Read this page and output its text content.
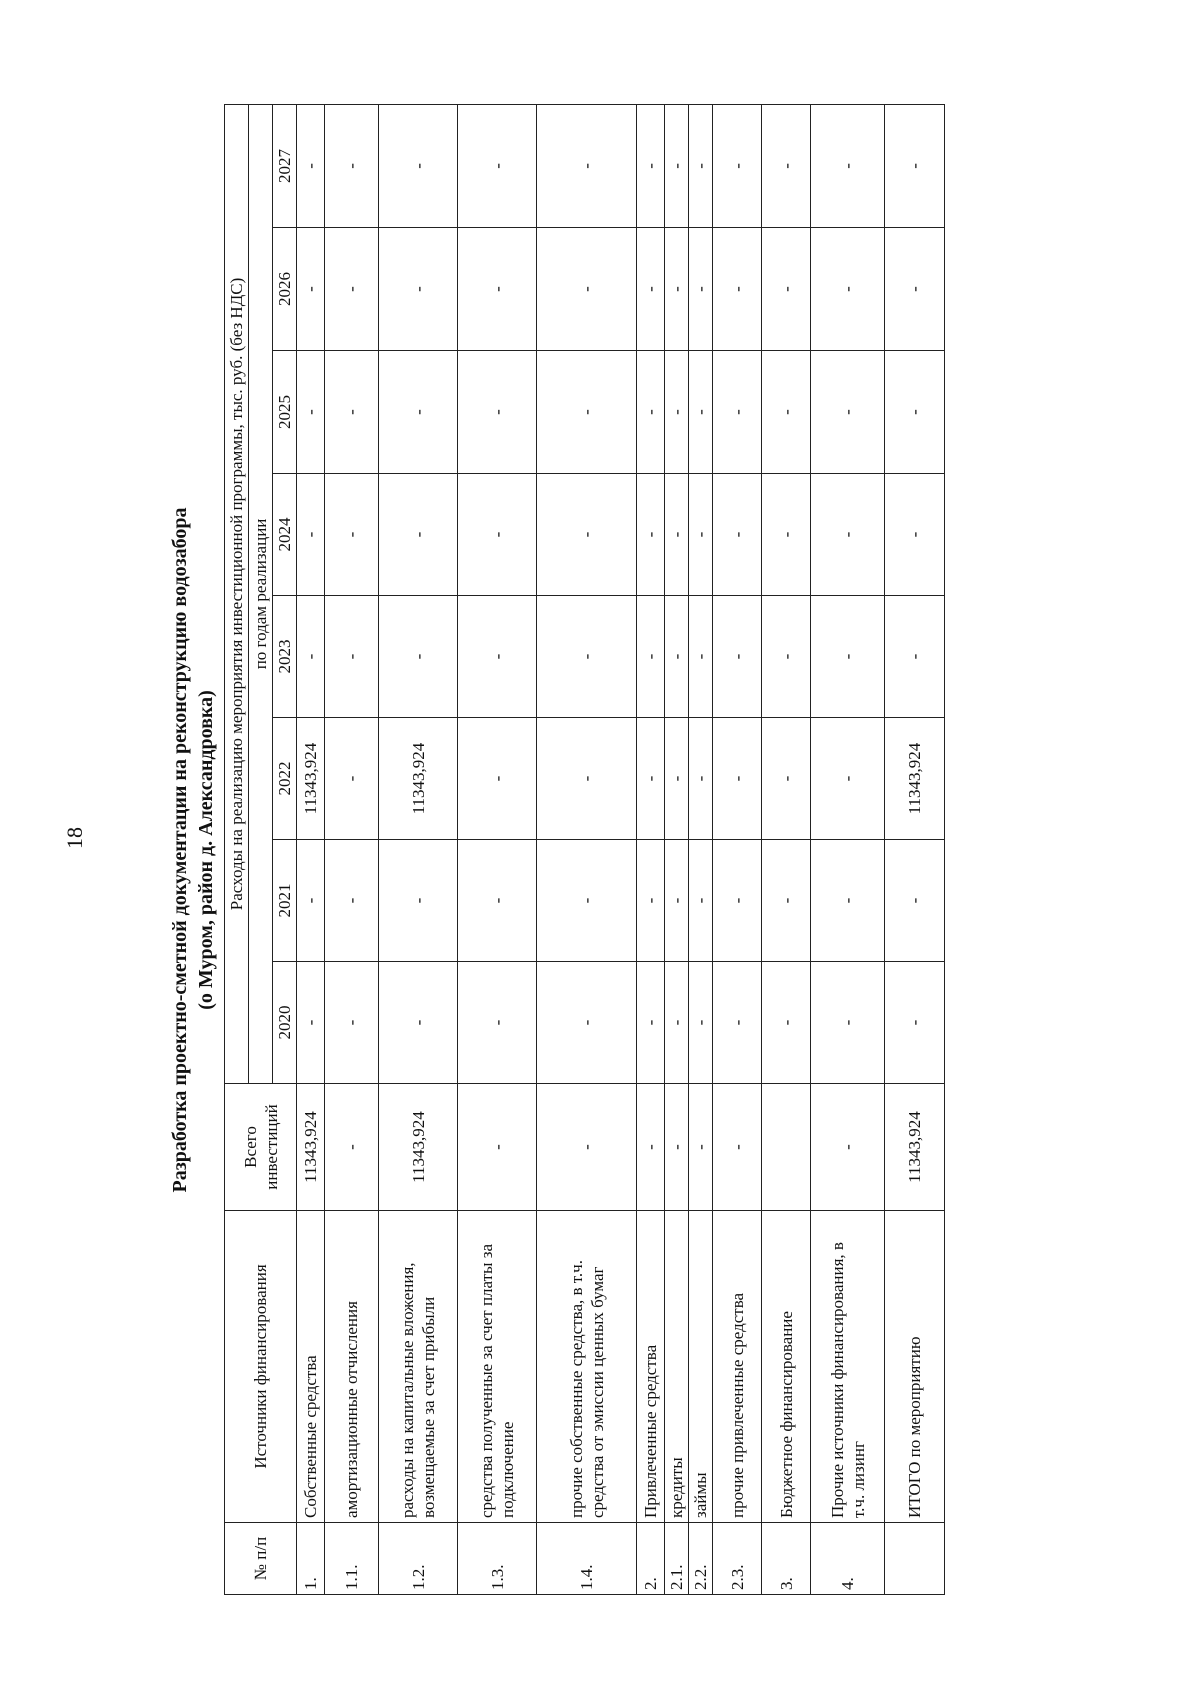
18	Разработка проектно-сметной документации на реконструкцию водозабора (о Муром, район д. Александровка)
№ п/п	Источники финансирования	Всего инвестиций	Расходы на реализацию мероприятия инвестиционной программы, тыс. руб. (без НДС)							
			по годам реализации							
			2020	2021	2022	2023	2024	2025	2026	2027
1.	Собственные средства	11343,924	-	-	11343,924	-	-	-	-	-
1.1.	амортизационные отчисления	-	-	-	-	-	-	-	-	-
1.2.	расходы на капитальные вложения, возмещаемые за счет прибыли	11343,924	-	-	11343,924	-	-	-	-	-
1.3.	средства полученные за счет платы за подключение	-	-	-	-	-	-	-	-	-
1.4.	прочие собственные средства, в т.ч. средства от эмиссии ценных бумаг	-	-	-	-	-	-	-	-	-
2.	Привлеченные средства	-	-	-	-	-	-	-	-	-
2.1.	кредиты	-	-	-	-	-	-	-	-	-
2.2.	займы	-	-	-	-	-	-	-	-	-
2.3.	прочие привлеченные средства	-	-	-	-	-	-	-	-	-
3.	Бюджетное финансирование		-	-	-	-	-	-	-	-
4.	Прочие источники финансирования, в т.ч. лизинг	-	-	-	-	-	-	-	-	-
	ИТОГО по мероприятию	11343,924	-	-	11343,924	-	-	-	-	-
